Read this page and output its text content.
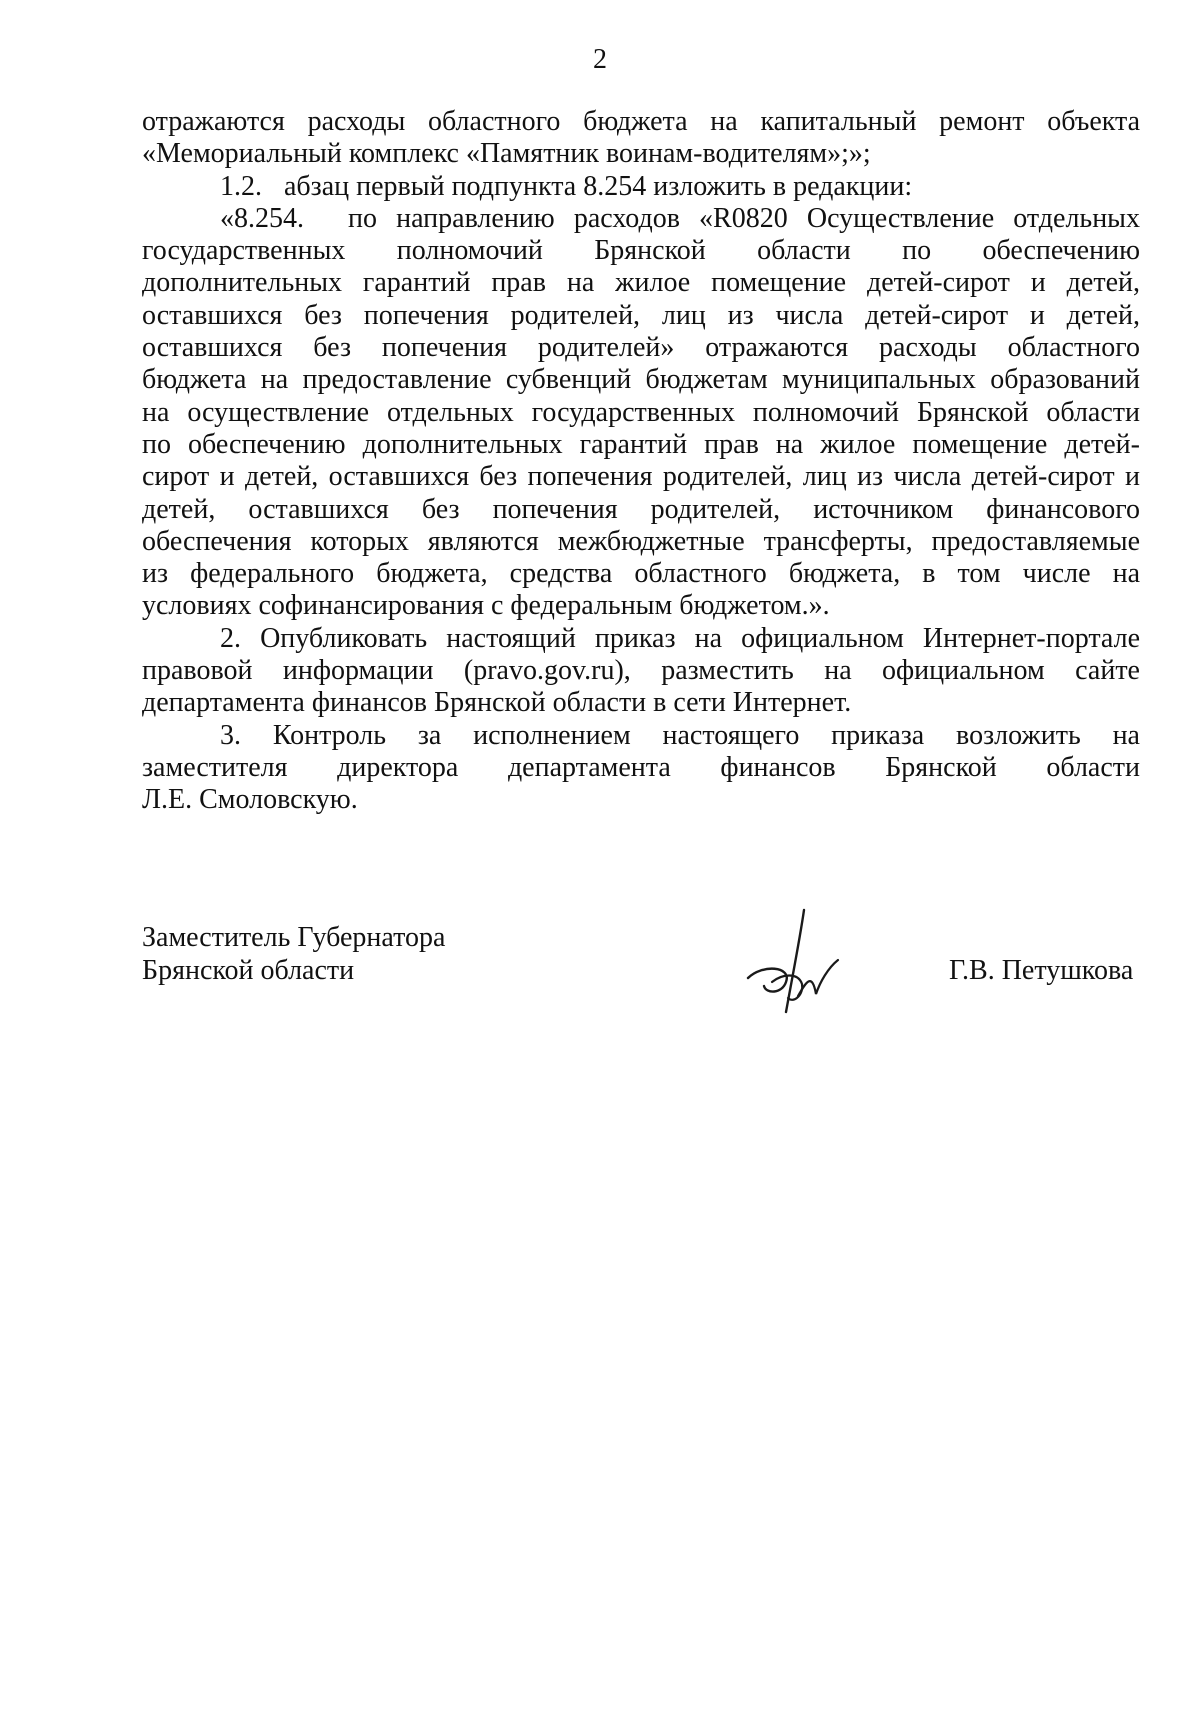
2
отражаются расходы областного бюджета на капитальный ремонт объекта
«Мемориальный комплекс «Памятник воинам-водителям»;»;
1.2. абзац первый подпункта 8.254 изложить в редакции:
«8.254. по направлению расходов «R0820 Осуществление отдельных
государственных полномочий Брянской области по обеспечению
дополнительных гарантий прав на жилое помещение детей-сирот и детей,
оставшихся без попечения родителей, лиц из числа детей-сирот и детей,
оставшихся без попечения родителей» отражаются расходы областного
бюджета на предоставление субвенций бюджетам муниципальных образований
на осуществление отдельных государственных полномочий Брянской области
по обеспечению дополнительных гарантий прав на жилое помещение детей-
сирот и детей, оставшихся без попечения родителей, лиц из числа детей-сирот и
детей, оставшихся без попечения родителей, источником финансового
обеспечения которых являются межбюджетные трансферты, предоставляемые
из федерального бюджета, средства областного бюджета, в том числе на
условиях софинансирования с федеральным бюджетом.».
2. Опубликовать настоящий приказ на официальном Интернет-портале
правовой информации (pravo.gov.ru), разместить на официальном сайте
департамента финансов Брянской области в сети Интернет.
3. Контроль за исполнением настоящего приказа возложить на
заместителя директора департамента финансов Брянской области
Л.Е. Смоловскую.
Заместитель Губернатора
Брянской области	Г.В. Петушкова
